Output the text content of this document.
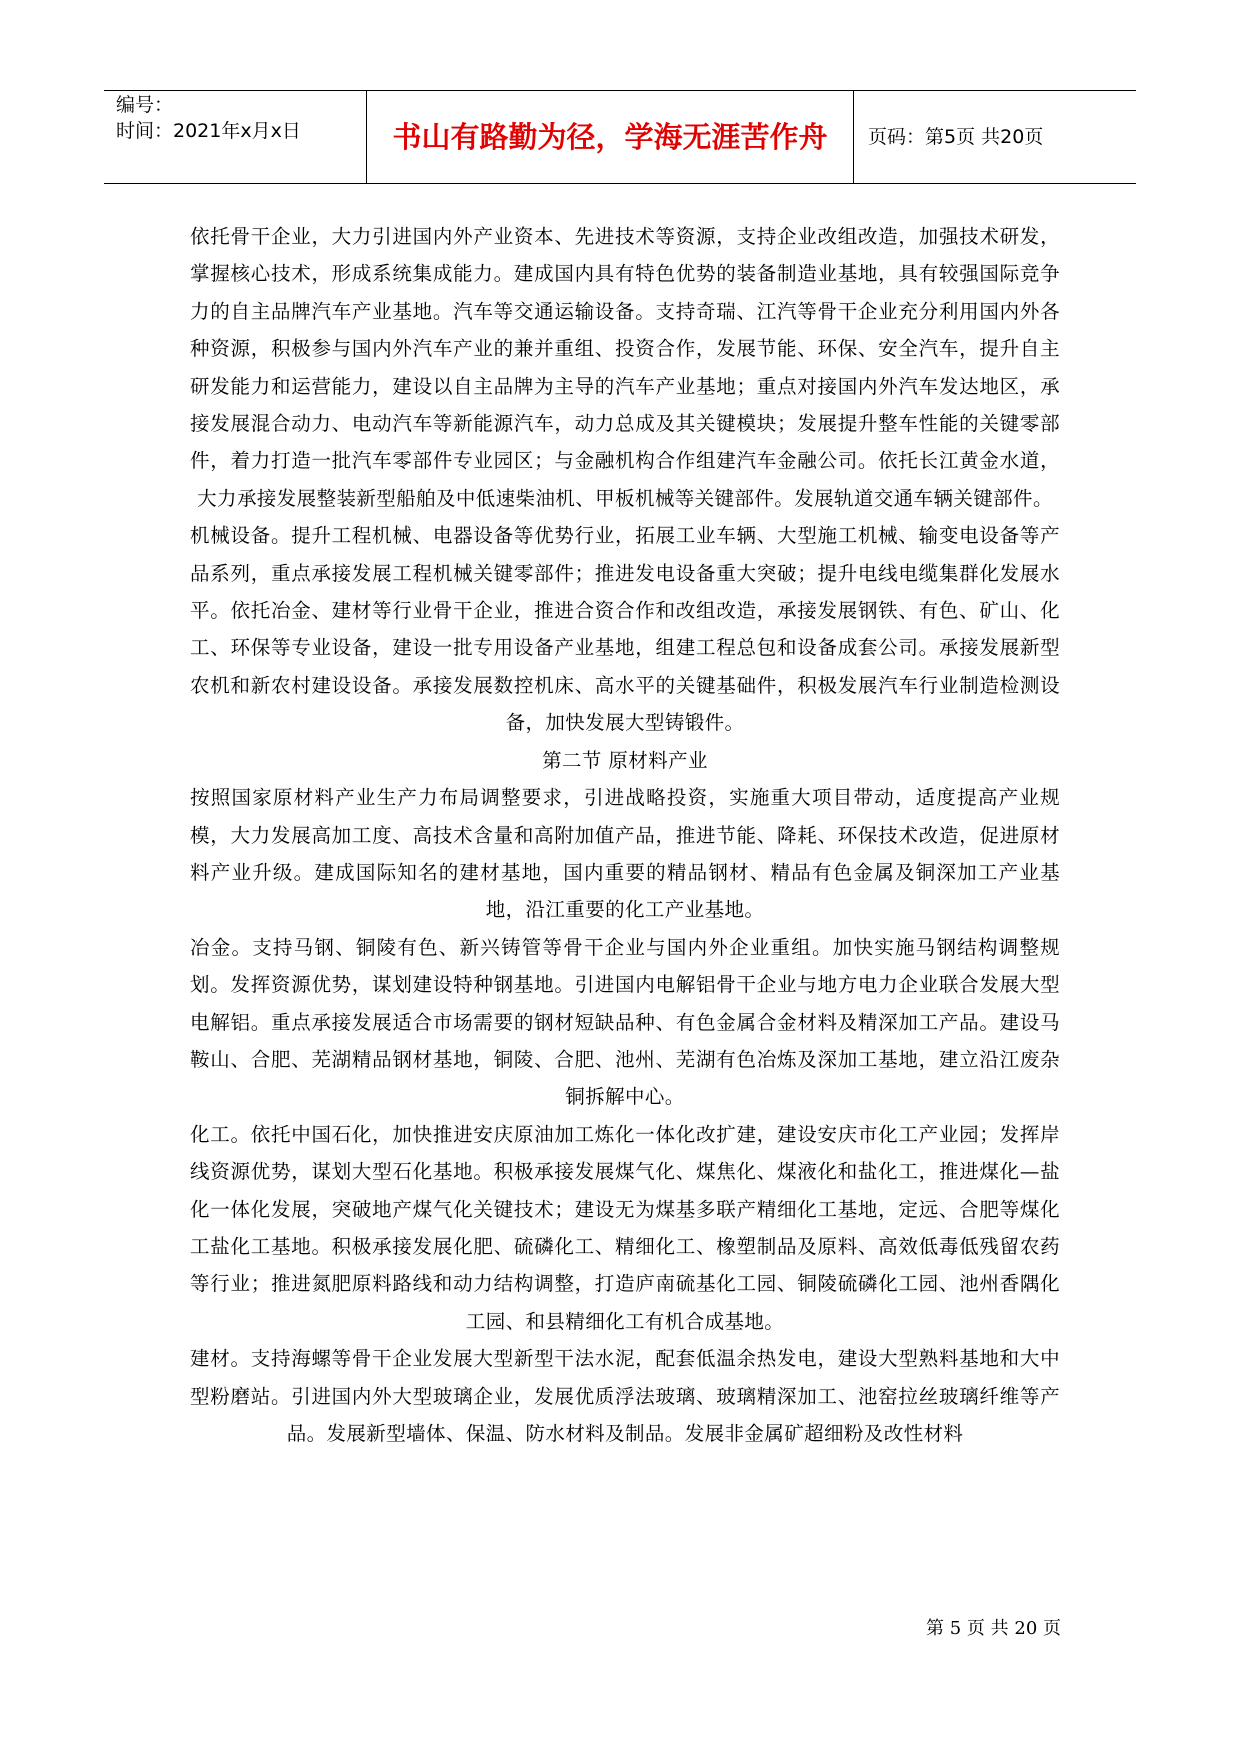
编号：
时间：2021年x月x日	书山有路勤为径，学海无涯苦作舟	页码：第5页 共20页

依托骨干企业，大力引进国内外产业资本、先进技术等资源，支持企业改组改造，加强技术研发，掌握核心技术，形成系统集成能力。建成国内具有特色优势的装备制造业基地，具有较强国际竞争力的自主品牌汽车产业基地。汽车等交通运输设备。支持奇瑞、江汽等骨干企业充分利用国内外各种资源，积极参与国内外汽车产业的兼并重组、投资合作，发展节能、环保、安全汽车，提升自主研发能力和运营能力，建设以自主品牌为主导的汽车产业基地；重点对接国内外汽车发达地区，承接发展混合动力、电动汽车等新能源汽车，动力总成及其关键模块；发展提升整车性能的关键零部件，着力打造一批汽车零部件专业园区；与金融机构合作组建汽车金融公司。依托长江黄金水道，大力承接发展整装新型船舶及中低速柴油机、甲板机械等关键部件。发展轨道交通车辆关键部件。

机械设备。提升工程机械、电器设备等优势行业，拓展工业车辆、大型施工机械、输变电设备等产品系列，重点承接发展工程机械关键零部件；推进发电设备重大突破；提升电线电缆集群化发展水平。依托冶金、建材等行业骨干企业，推进合资合作和改组改造，承接发展钢铁、有色、矿山、化工、环保等专业设备，建设一批专用设备产业基地，组建工程总包和设备成套公司。承接发展新型农机和新农村建设设备。承接发展数控机床、高水平的关键基础件，积极发展汽车行业制造检测设备，加快发展大型铸锻件。

第二节 原材料产业

按照国家原材料产业生产力布局调整要求，引进战略投资，实施重大项目带动，适度提高产业规模，大力发展高加工度、高技术含量和高附加值产品，推进节能、降耗、环保技术改造，促进原材料产业升级。建成国际知名的建材基地，国内重要的精品钢材、精品有色金属及铜深加工产业基地，沿江重要的化工产业基地。

冶金。支持马钢、铜陵有色、新兴铸管等骨干企业与国内外企业重组。加快实施马钢结构调整规划。发挥资源优势，谋划建设特种钢基地。引进国内电解铝骨干企业与地方电力企业联合发展大型电解铝。重点承接发展适合市场需要的钢材短缺品种、有色金属合金材料及精深加工产品。建设马鞍山、合肥、芜湖精品钢材基地，铜陵、合肥、池州、芜湖有色冶炼及深加工基地，建立沿江废杂铜拆解中心。

化工。依托中国石化，加快推进安庆原油加工炼化一体化改扩建，建设安庆市化工产业园；发挥岸线资源优势，谋划大型石化基地。积极承接发展煤气化、煤焦化、煤液化和盐化工，推进煤化—盐化一体化发展，突破地产煤气化关键技术；建设无为煤基多联产精细化工基地，定远、合肥等煤化工盐化工基地。积极承接发展化肥、硫磷化工、精细化工、橡塑制品及原料、高效低毒低残留农药等行业；推进氮肥原料路线和动力结构调整，打造庐南硫基化工园、铜陵硫磷化工园、池州香隅化工园、和县精细化工有机合成基地。

建材。支持海螺等骨干企业发展大型新型干法水泥，配套低温余热发电，建设大型熟料基地和大中型粉磨站。引进国内外大型玻璃企业，发展优质浮法玻璃、玻璃精深加工、池窑拉丝玻璃纤维等产品。发展新型墙体、保温、防水材料及制品。发展非金属矿超细粉及改性材料

第 5 页 共 20 页
